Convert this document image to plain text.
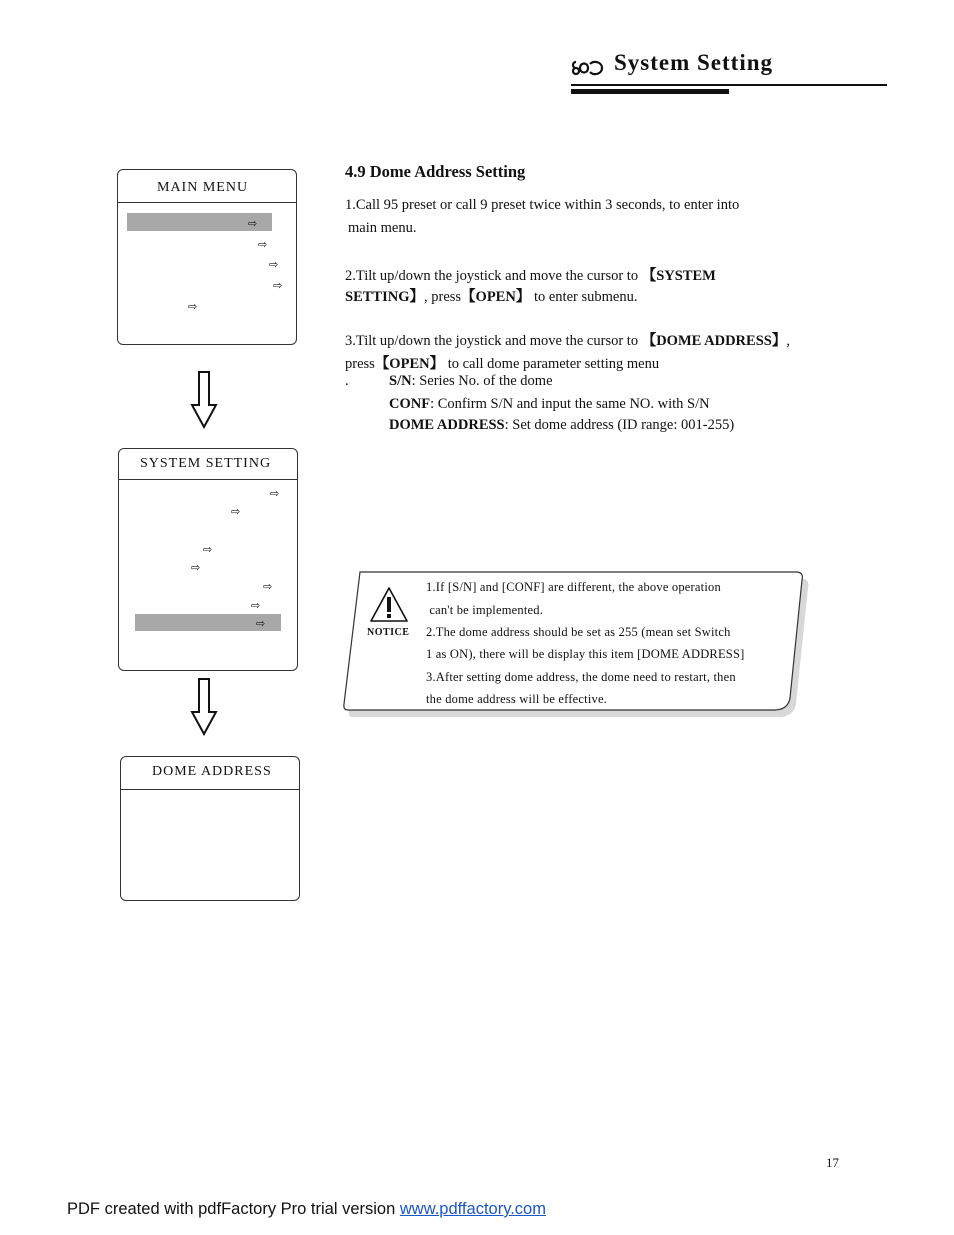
System Setting
MAIN MENU
⇨
⇨
⇨
⇨
⇨
SYSTEM SETTING
⇨
⇨
⇨
⇨
⇨
⇨
⇨
DOME ADDRESS
4.9 Dome Address Setting
1.Call 95 preset or call 9 preset twice within 3 seconds, to enter into
main menu.
2.Tilt up/down the joystick and move the cursor to 【SYSTEM
SETTING】, press【OPEN】 to enter submenu.
3.Tilt up/down the joystick and move the cursor to 【DOME ADDRESS】,
press【OPEN】 to call dome parameter setting menu
.	S/N: Series No. of the dome
CONF: Confirm S/N and input the same NO. with S/N
DOME ADDRESS: Set dome address (ID range: 001-255)
NOTICE
1.If [S/N] and [CONF] are different, the above operation
can't be implemented.
2.The dome address should be set as 255 (mean set Switch
1 as ON), there will be display this item [DOME ADDRESS]
3.After setting dome address, the dome need to restart, then
the dome address will be effective.
17
PDF created with pdfFactory Pro trial version www.pdffactory.com
